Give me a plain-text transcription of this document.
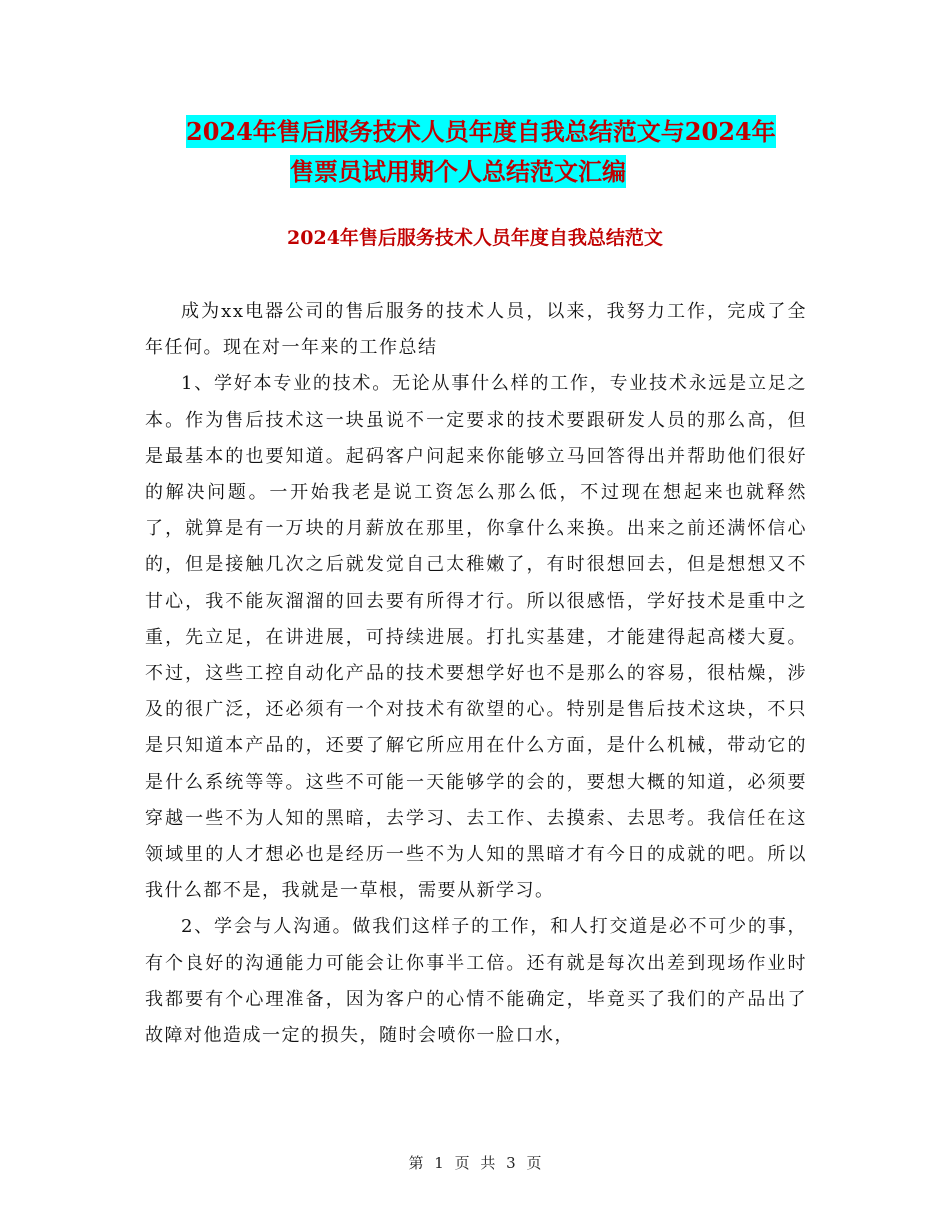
2024年售后服务技术人员年度自我总结范文与2024年
售票员试用期个人总结范文汇编
2024年售后服务技术人员年度自我总结范文

成为xx电器公司的售后服务的技术人员，以来，我努力工作，完成了全年任何。现在对一年来的工作总结

1、学好本专业的技术。无论从事什么样的工作，专业技术永远是立足之本。作为售后技术这一块虽说不一定要求的技术要跟研发人员的那么高，但是最基本的也要知道。起码客户问起来你能够立马回答得出并帮助他们很好的解决问题。一开始我老是说工资怎么那么低，不过现在想起来也就释然了，就算是有一万块的月薪放在那里，你拿什么来换。出来之前还满怀信心的，但是接触几次之后就发觉自己太稚嫩了，有时很想回去，但是想想又不甘心，我不能灰溜溜的回去要有所得才行。所以很感悟，学好技术是重中之重，先立足，在讲进展，可持续进展。打扎实基建，才能建得起高楼大夏。不过，这些工控自动化产品的技术要想学好也不是那么的容易，很枯燥，涉及的很广泛，还必须有一个对技术有欲望的心。特别是售后技术这块，不只是只知道本产品的，还要了解它所应用在什么方面，是什么机械，带动它的是什么系统等等。这些不可能一天能够学的会的，要想大概的知道，必须要穿越一些不为人知的黑暗，去学习、去工作、去摸索、去思考。我信任在这领域里的人才想必也是经历一些不为人知的黑暗才有今日的成就的吧。所以我什么都不是，我就是一草根，需要从新学习。

2、学会与人沟通。做我们这样子的工作，和人打交道是必不可少的事，有个良好的沟通能力可能会让你事半工倍。还有就是每次出差到现场作业时我都要有个心理准备，因为客户的心情不能确定，毕竟买了我们的产品出了故障对他造成一定的损失，随时会喷你一脸口水，

第 1 页 共 3 页
